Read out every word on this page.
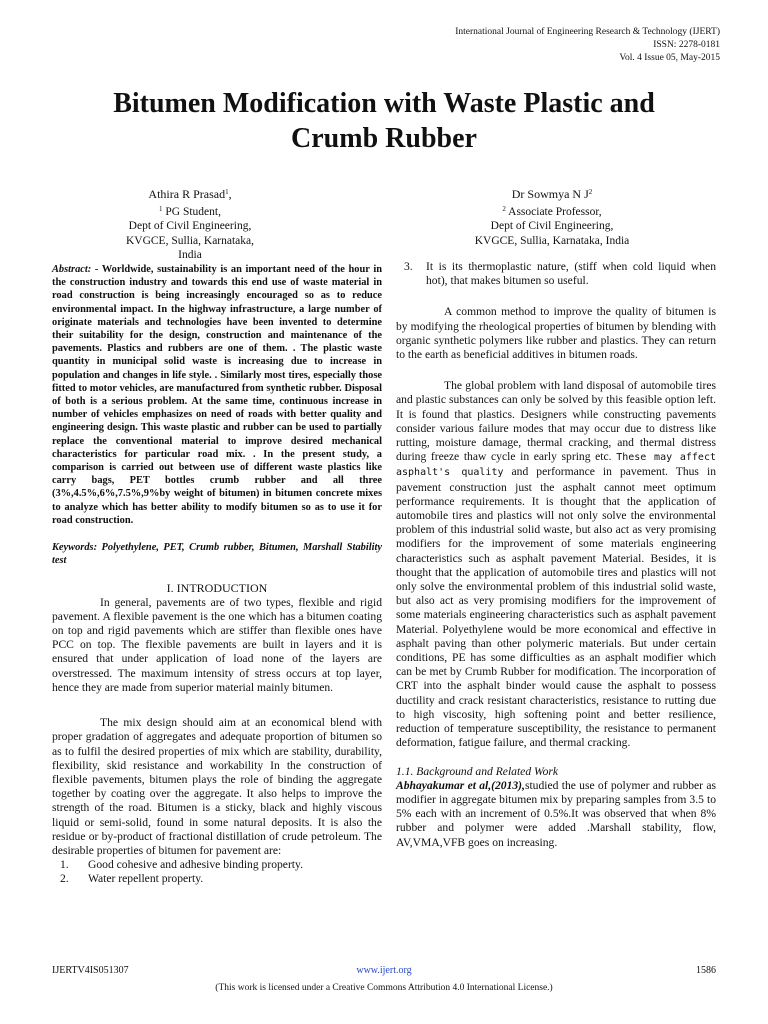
International Journal of Engineering Research & Technology (IJERT)
ISSN: 2278-0181
Vol. 4 Issue 05, May-2015
Bitumen Modification with Waste Plastic and
Crumb Rubber
Athira R Prasad$^1$,
$^1$ PG Student,
Dept of Civil Engineering,
KVGCE, Sullia, Karnataka, India
Dr Sowmya N $J^2$
$^2$ Associate Professor,
Dept of Civil Engineering,
KVGCE, Sullia, Karnataka, India

Abstract: - Worldwide, sustainability is an important need of the hour in the construction industry and towards this end use of waste material in road construction is being increasingly encouraged so as to reduce environmental impact. In the highway infrastructure, a large number of originate materials and technologies have been invented to determine their suitability for the design, construction and maintenance of the pavements. Plastics and rubbers are one of them. . The plastic waste quantity in municipal solid waste is increasing due to increase in population and changes in life style. . Similarly most tires, especially those fitted to motor vehicles, are manufactured from synthetic rubber. Disposal of both is a serious problem. At the same time, continuous increase in number of vehicles emphasizes on need of roads with better quality and engineering design. This waste plastic and rubber can be used to partially replace the conventional material to improve desired mechanical characteristics for particular road mix. . In the present study, a comparison is carried out between use of different waste plastics like carry bags, PET bottles crumb rubber and all three (3%,4.5%,6%,7.5%,9%by weight of bitumen) in bitumen concrete mixes to analyze which has better ability to modify bitumen so as to use it for road construction.

Keywords: Polyethylene, PET, Crumb rubber, Bitumen, Marshall Stability test

I. INTRODUCTION

In general, pavements are of two types, flexible and rigid pavement. A flexible pavement is the one which has a bitumen coating on top and rigid pavements which are stiffer than flexible ones have PCC on top. The flexible pavements are built in layers and it is ensured that under application of load none of the layers are overstressed. The maximum intensity of stress occurs at top layer, hence they are made from superior material mainly bitumen.

The mix design should aim at an economical blend with proper gradation of aggregates and adequate proportion of bitumen so as to fulfil the desired properties of mix which are stability, durability, flexibility, skid resistance and workability In the construction of flexible pavements, bitumen plays the role of binding the aggregate together by coating over the aggregate. It also helps to improve the strength of the road. Bitumen is a sticky, black and highly viscous liquid or semi-solid, found in some natural deposits. It is also the residue or by-product of fractional distillation of crude petroleum. The desirable properties of bitumen for pavement are:

1.	Good cohesive and adhesive binding property.
2.	Water repellent property.
3.	It is its thermoplastic nature, (stiff when cold liquid when hot), that makes bitumen so useful.

A common method to improve the quality of bitumen is by modifying the rheological properties of bitumen by blending with organic synthetic polymers like rubber and plastics. They can return to the earth as beneficial additives in bitumen roads.

The global problem with land disposal of automobile tires and plastic substances can only be solved by this feasible option left. It is found that plastics. Designers while constructing pavements consider various failure modes that may occur due to distress like rutting, moisture damage, thermal cracking, and thermal distress during freeze thaw cycle in early spring etc. These may affect asphalt's quality and performance in pavement. Thus in pavement construction just the asphalt cannot meet optimum performance requirements. It is thought that the application of automobile tires and plastics will not only solve the environmental problem of this industrial solid waste, but also act as very promising modifiers for the improvement of some materials engineering characteristics such as asphalt pavement Material. Besides, it is thought that the application of automobile tires and plastics will not only solve the environmental problem of this industrial solid waste, but also act as very promising modifiers for the improvement of some materials engineering characteristics such as asphalt pavement Material. Polyethylene would be more economical and effective in asphalt paving than other polymeric materials. But under certain conditions, PE has some difficulties as an asphalt modifier which can be met by Crumb Rubber for modification. The incorporation of CRT into the asphalt binder would cause the asphalt to possess ductility and crack resistant characteristics, resistance to rutting due to high viscosity, high softening point and better resilience, reduction of temperature susceptibility, the resistance to permanent deformation, fatigue failure, and thermal cracking.

1.1. Background and Related Work

Abhayakumar et al,(2013),studied the use of polymer and rubber as modifier in aggregate bitumen mix by preparing samples from 3.5 to 5% each with an increment of 0.5%.It was observed that when 8% rubber and polymer were added .Marshall stability, flow, AV,VMA,VFB goes on increasing.

IJERTV4IS051307	www.ijert.org	1586
(This work is licensed under a Creative Commons Attribution 4.0 International License.)
